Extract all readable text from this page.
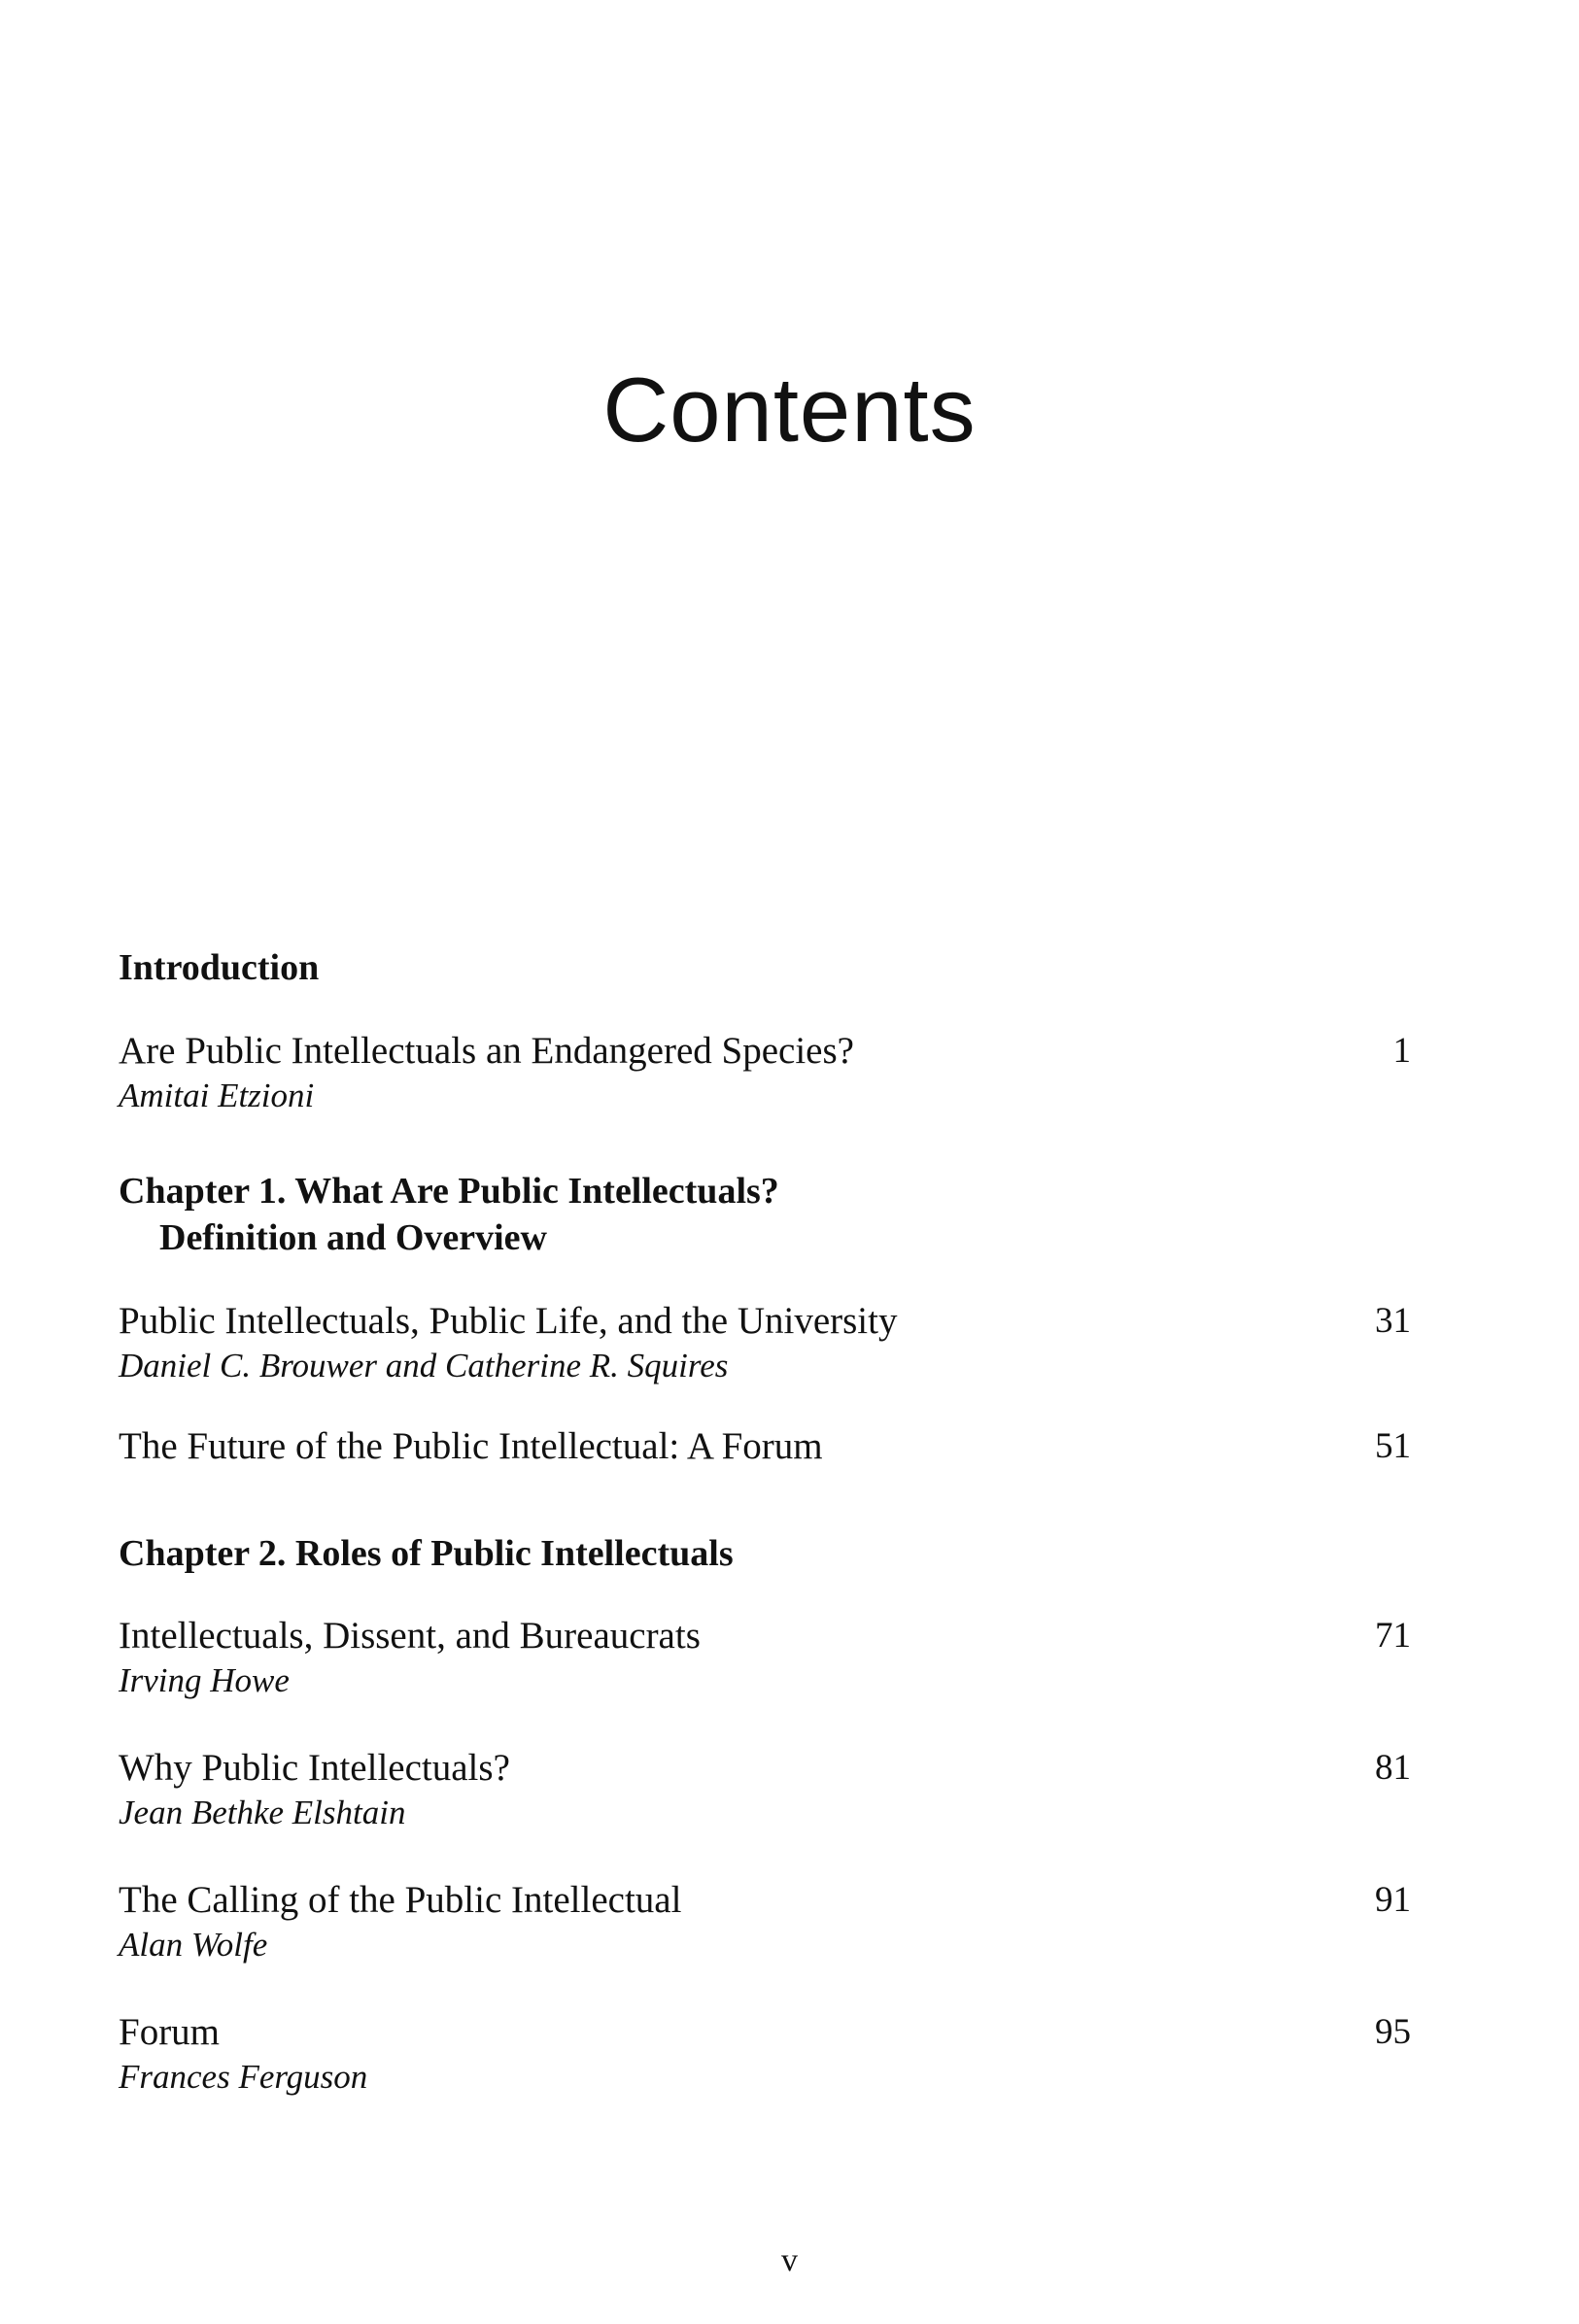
Contents
Introduction
Are Public Intellectuals an Endangered Species?
Amitai Etzioni
1
Chapter 1. What Are Public Intellectuals?
Definition and Overview
Public Intellectuals, Public Life, and the University
Daniel C. Brouwer and Catherine R. Squires
31
The Future of the Public Intellectual: A Forum	51
Chapter 2. Roles of Public Intellectuals
Intellectuals, Dissent, and Bureaucrats
Irving Howe
71
Why Public Intellectuals?
Jean Bethke Elshtain
81
The Calling of the Public Intellectual
Alan Wolfe
91
Forum
Frances Ferguson
95
v
